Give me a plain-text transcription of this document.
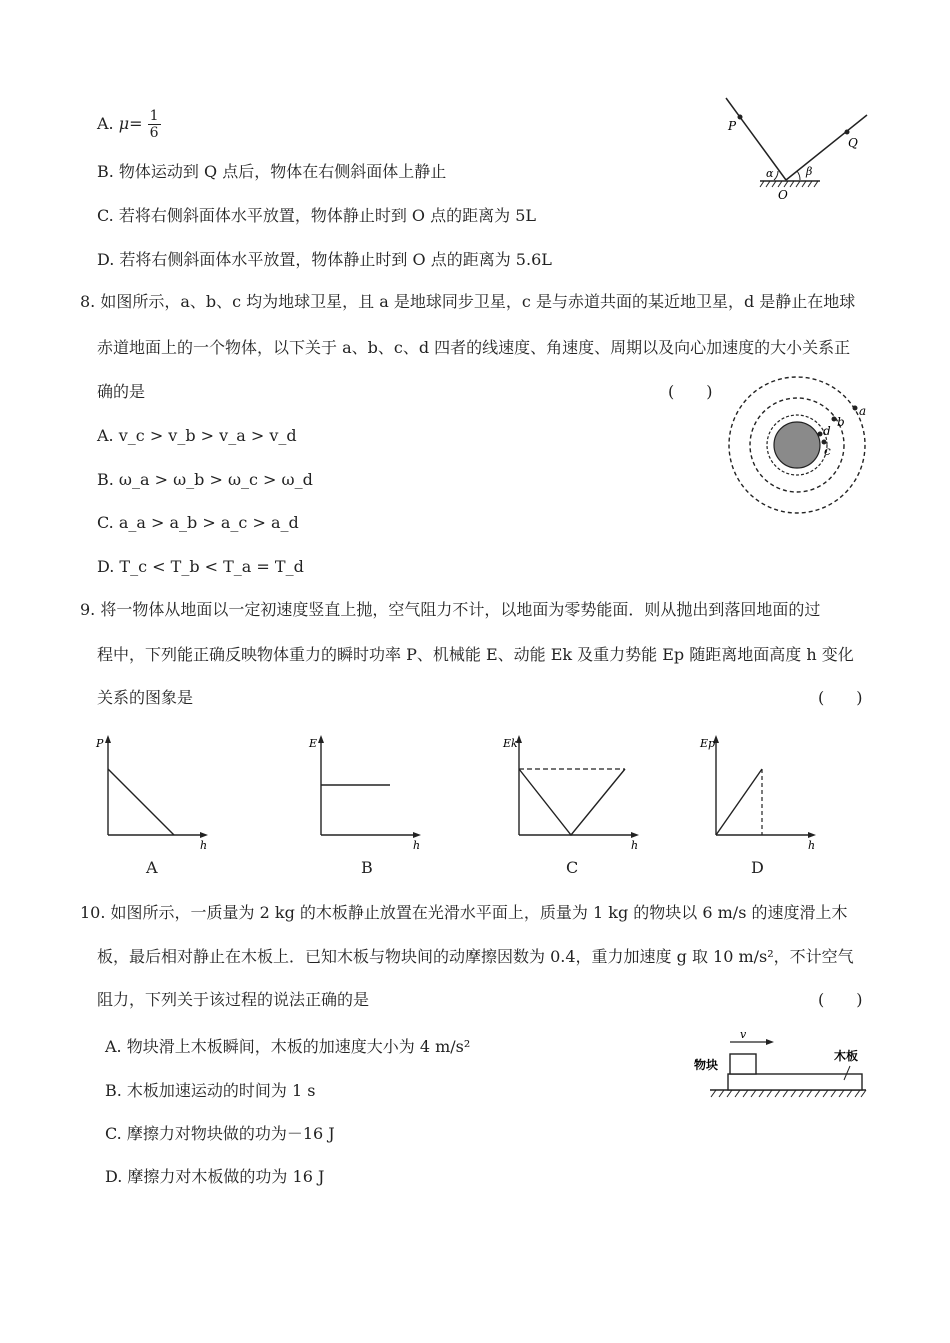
A. $\mu= \frac{1}{6}$
B. 物体运动到 Q 点后，物体在右侧斜面体上静止
C. 若将右侧斜面体水平放置，物体静止时到 O 点的距离为 5L
D. 若将右侧斜面体水平放置，物体静止时到 O 点的距离为 5.6L
P
Q
O
α	β
8. 如图所示，a、b、c 均为地球卫星，且 a 是地球同步卫星，c 是与赤道共面的某近地卫星，d 是静止在地球
赤道地面上的一个物体，以下关于 a、b、c、d 四者的线速度、角速度、周期以及向心加速度的大小关系正
确的是	(  )
A. v_c > v_b > v_a > v_d
B. ω_a > ω_b > ω_c > ω_d
C. a_a > a_b > a_c > a_d
D. T_c < T_b < T_a = T_d
a
b
d
c
9. 将一物体从地面以一定初速度竖直上抛，空气阻力不计，以地面为零势能面．则从抛出到落回地面的过
程中，下列能正确反映物体重力的瞬时功率 P、机械能 E、动能 Ek 及重力势能 Ep 随距离地面高度 h 变化
关系的图象是	(  )
P
h
A
E
h
B
Ek
h
C
Ep
h
D
10. 如图所示，一质量为 2 kg 的木板静止放置在光滑水平面上，质量为 1 kg 的物块以 6 m/s 的速度滑上木
板，最后相对静止在木板上．已知木板与物块间的动摩擦因数为 0.4，重力加速度 g 取 10 m/s²，不计空气
阻力，下列关于该过程的说法正确的是	(  )
A. 物块滑上木板瞬间，木板的加速度大小为 4 m/s²
B. 木板加速运动的时间为 1 s
C. 摩擦力对物块做的功为－16 J
D. 摩擦力对木板做的功为 16 J
v
物块
木板
